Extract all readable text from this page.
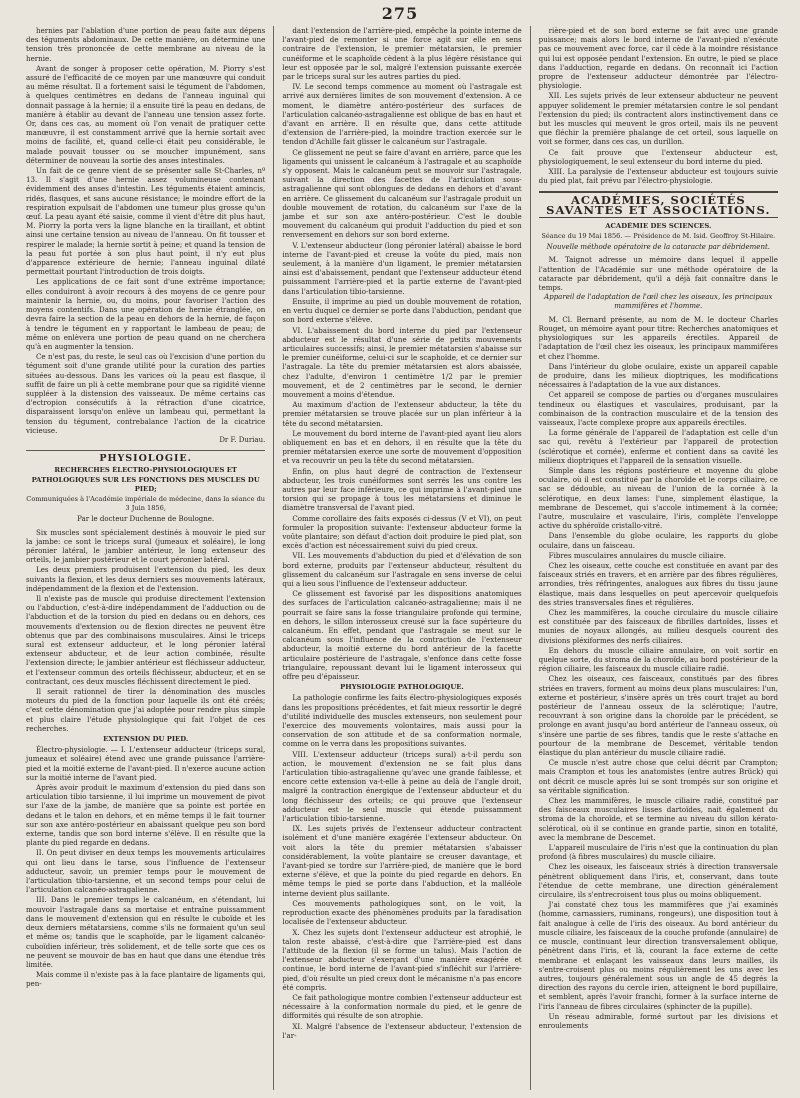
275

hernies par l'ablation d'une portion de peau faite aux dépens des téguments abdominaux. De cette manière, on détermine une tension très prononcée de cette membrane au niveau de la hernie.

Avant de songer à proposer cette opération, M. Piorry s'est assuré de l'efficacité de ce moyen par une manœuvre qui conduit au même résultat. Il a fortement saisi le tégument de l'abdomen, à quelques centimètres en dedans de l'anneau inguinal qui donnait passage à la hernie; il a ensuite tiré la peau en dedans, de manière à établir au devant de l'anneau une tension assez forte. Or, dans ces cas, au moment où l'on venait de pratiquer cette manœuvre, il est constamment arrivé que la hernie sortait avec moins de facilité, et, quand celle-ci était peu considérable, le malade pouvait tousser ou se moucher impunément, sans déterminer de nouveau la sortie des anses intestinales.

Un fait de ce genre vient de se présenter salle St-Charles, nº 13. Il s'agit d'une hernie assez volumineuse contenant évidemment des anses d'intestin. Les téguments étaient amincis, ridés, flasques, et sans aucune résistance; le moindre effort de la respiration expulsait de l'abdomen une tumeur plus grosse qu'un œuf. La peau ayant été saisie, comme il vient d'être dit plus haut, M. Piorry la porta vers la ligne blanche en la tiraillant, et obtint ainsi une certaine tension au niveau de l'anneau. On fit tousser et respirer le malade; la hernie sortit à peine; et quand la tension de la peau fut portée à son plus haut point, il n'y eut plus d'apparence extérieure de hernie; l'anneau inguinal dilaté permettait pourtant l'introduction de trois doigts.

Les applications de ce fait sont d'une extrême importance; elles conduiront à avoir recours à des moyens de ce genre pour maintenir la hernie, ou, du moins, pour favoriser l'action des moyens contentifs. Dans une opération de hernie étranglée, on devra faire la section de la peau en dehors de la hernie, de façon à tendre le tégument en y rapportant le lambeau de peau; de même on enlèvera une portion de peau quand on ne cherchera qu'à en augmenter la tension.

Ce n'est pas, du reste, le seul cas où l'excision d'une portion du tégument soit d'une grande utilité pour la curation des parties situées au-dessous. Dans les varices où la peau est flasque, il suffit de faire un pli à cette membrane pour que sa rigidité vienne suppléer à la distension des vaisseaux. De même certains cas d'ectropion consécutifs à la rétraction d'une cicatrice, disparaissent lorsqu'on enlève un lambeau qui, permettant la tension du tégument, contrebalance l'action de la cicatrice vicieuse.

Dr F. Duriau.
PHYSIOLOGIE.
RECHERCHES ÉLECTRO-PHYSIOLOGIQUES ET PATHOLOGIQUES SUR LES FONCTIONS DES MUSCLES DU PIED;
Communiquées à l'Académie impériale de médecine, dans la séance du 3 Juin 1856,
Par le docteur Duchenne de Boulogne.

Six muscles sont spécialement destinés à mouvoir le pied sur la jambe: ce sont le triceps sural (jumeaux et soléaire), le long péronier latéral, le jambier antérieur, le long extenseur des orteils, le jambier postérieur et le court péronier latéral.

Les deux premiers produisent l'extension du pied, les deux suivants la flexion, et les deux derniers ses mouvements latéraux, indépendamment de la flexion et de l'extension.

Il n'existe pas de muscle qui produise directement l'extension ou l'abduction, c'est-à-dire indépendamment de l'adduction ou de l'abduction et de la torsion du pied en dedans ou en dehors, ces mouvements d'extension ou de flexion directes ne peuvent être obtenus que par des combinaisons musculaires. Ainsi le triceps sural est extenseur adducteur, et le long péronier latéral extenseur abducteur, et de leur action combinée, résulte l'extension directe; le jambier antérieur est fléchisseur adducteur, et l'extenseur commun des orteils fléchisseur, abducteur, et en se contractant, ces deux muscles fléchissent directement le pied.

Il serait rationnel de tirer la dénomination des muscles moteurs du pied de la fonction pour laquelle ils ont été créés; c'est cette dénomination que j'ai adoptée pour rendre plus simple et plus claire l'étude physiologique qui fait l'objet de ces recherches.

EXTENSION DU PIED.

Électro-physiologie. — I. L'extenseur adducteur (triceps sural, jumeaux et soléaire) étend avec une grande puissance l'arrière-pied et la moitié externe de l'avant-pied. Il n'exerce aucune action sur la moitié interne de l'avant pied.

Après avoir produit le maximum d'extension du pied dans son articulation tibio tarsienne, il lui imprime un mouvement de pivot sur l'axe de la jambe, de manière que sa pointe est portée en dedans et le talon en dehors, et en même temps il le fait tourner sur son axe antéro-postérieur en abaissant quelque peu son bord externe, tandis que son bord interne s'élève. Il en résulte que la plante du pied regarde en dedans.

II. On peut diviser en deux temps les mouvements articulaires qui ont lieu dans le tarse, sous l'influence de l'extenseur adducteur, savoir, un premier temps pour le mouvement de l'articulation tibio-tarsienne, et un second temps pour celui de l'articulation calcanéo-astragalienne.

III. Dans le premier temps le calcanéum, en s'étendant, lui mouvoir l'astragale dans sa mortaise et entraîne puissamment dans le mouvement d'extension qui en résulte le cuboïde et les deux derniers métatarsiens, comme s'ils ne formaient qu'un seul et même os; tandis que le scaphoïde, par le ligament calcanéo-cuboïdien inférieur, très solidement, et de telle sorte que ces os ne peuvent se mouvoir de bas en haut que dans une étendue très limitée.

Mais comme il n'existe pas à la face plantaire de ligaments qui, pen-

dant l'extension de l'arrière-pied, empêche la pointe interne de l'avant-pied de remonter si une force agit sur elle en sens contraire de l'extension, le premier métatarsien, le premier cunéiforme et le scaphoïde cèdent à la plus légère résistance qui leur est opposée par le sol, malgré l'extension puissante exercée par le triceps sural sur les autres parties du pied.

IV. Le second temps commence au moment où l'astragale est arrivé aux dernières limites de son mouvement d'extension. A ce moment, le diamètre antéro-postérieur des surfaces de l'articulation calcanéo-astragalienne est oblique de bas en haut et d'avant en arrière. Il en résulte que, dans cette attitude d'extension de l'arrière-pied, la moindre traction exercée sur le tendon d'Achille fait glisser le calcanéum sur l'astragale.

Ce glissement ne peut se faire d'avant en arrière, parce que les ligaments qui unissent le calcanéum à l'astragale et au scaphoïde s'y opposent. Mais le calcanéum peut se mouvoir sur l'astragale, suivant la direction des facettes de l'articulation sous-astragalienne qui sont oblongues de dedans en dehors et d'avant en arrière. Ce glissement du calcanéum sur l'astragale produit un double mouvement de rotation, du calcanéum sur l'axe de la jambe et sur son axe antéro-postérieur. C'est le double mouvement du calcanéum qui produit l'adduction du pied et son renversement en dehors sur son bord externe.

V. L'extenseur abducteur (long péronier latéral) abaisse le bord interne de l'avant-pied et creuse la voûte du pied, mais non seulement, à la manière d'un ligament, le premier métatarsien ainsi est d'abaissement, pendant que l'extenseur adducteur étend puissamment l'arrière-pied et la partie externe de l'avant-pied dans l'articulation tibio-tarsienne.

Ensuite, il imprime au pied un double mouvement de rotation, en vertu duquel ce dernier se porte dans l'abduction, pendant que son bord externe s'élève.

VI. L'abaissement du bord interne du pied par l'extenseur abducteur est le résultat d'une série de petits mouvements articulaires successifs; ainsi, le premier métatarsien s'abaisse sur le premier cunéiforme, celui-ci sur le scaphoïde, et ce dernier sur l'astragale. La tête du premier métatarsien est alors abaissée, chez l'adulte, d'environ 1 centimètre 1/2 par le premier mouvement, et de 2 centimètres par le second, le dernier mouvement a moins d'étendue.

Au maximum d'action de l'extenseur abducteur, la tête du premier métatarsien se trouve placée sur un plan inférieur à la tête du second métatarsien.

Le mouvement du bord interne de l'avant-pied ayant lieu alors obliquement en bas et en dehors, il en résulte que la tête du premier métatarsien exerce une sorte de mouvement d'opposition et va recouvrir un peu la tête du second métatarsien.

Enfin, on plus haut degré de contraction de l'extenseur abducteur, les trois cunéiformes sont serrés les uns contre les autres par leur face inférieure, ce qui imprime à l'avant-pied une torsion qui se propage à tous les métatarsiens et diminue le diamètre transversal de l'avant pied.

Comme corollaire des faits exposés ci-dessus (V et VI), on peut formuler la proposition suivante: l'extenseur abducteur forme la voûte plantaire; son défaut d'action doit produire le pied plat, son excès d'action est nécessairement suivi du pied creux.

VII. Les mouvements d'abduction du pied et d'élévation de son bord externe, produits par l'extenseur abducteur, résultent du glissement du calcanéum sur l'astragale en sens inverse de celui qui a lieu sous l'influence de l'extenseur adducteur.

Ce glissement est favorisé par les dispositions anatomiques des surfaces de l'articulation calcanéo-astragalienne; mais il ne pourrait se faire sans la fosse triangulaire profonde qui termine, en dehors, le sillon interosseux creusé sur la face supérieure du calcanéum. En effet, pendant que l'astragale se meut sur le calcanéum sous l'influence de la contraction de l'extenseur abducteur, la moitié externe du bord antérieur de la facette articulaire postérieure de l'astragale, s'enfonce dans cette fosse triangulaire, repoussant devant lui le ligament interosseux qui offre peu d'épaisseur.

PHYSIOLOGIE PATHOLOGIQUE.

La pathologie confirme les faits électro-physiologiques exposés dans les propositions précédentes, et fait mieux ressortir le degré d'utilité individuelle des muscles extenseurs, non seulement pour l'exercice des mouvements volontaires, mais aussi pour la conservation de son attitude et de sa conformation normale, comme on le verra dans les propositions suivantes.

VIII. L'extenseur adducteur (triceps sural) a-t-il perdu son action, le mouvement d'extension ne se fait plus dans l'articulation tibio-astragalienne qu'avec une grande faiblesse, et encore cette extension va-t-elle à peine au delà de l'angle droit, malgré la contraction énergique de l'extenseur abducteur et du long fléchisseur des orteils; ce qui prouve que l'extenseur adducteur est le seul muscle qui étende puissamment l'articulation tibio-tarsienne.

IX. Les sujets privés de l'extenseur adducteur contractent isolément et d'une manière exagérée l'extenseur abducteur. On voit alors la tête du premier métatarsien s'abaisser considérablement, la voûte plantaire se creuser davantage, et l'avant-pied se tordre sur l'arrière-pied, de manière que le bord externe s'élève, et que la pointe du pied regarde en dehors. En même temps le pied se porte dans l'abduction, et la malléole interne devient plus saillante.

Ces mouvements pathologiques sont, on le voit, la reproduction exacte des phénomènes produits par la faradisation localisée de l'extenseur abducteur.

X. Chez les sujets dont l'extenseur adducteur est atrophié, le talon reste abaissé, c'est-à-dire que l'arrière-pied est dans l'attitude de la flexion (il se forme un talus). Mais l'action de l'extenseur abducteur s'exerçant d'une manière exagérée et continue, le bord interne de l'avant-pied s'infléchit sur l'arrière-pied, d'où résulte un pied creux dont le mécanisme n'a pas encore été compris.

Ce fait pathologique montre combien l'extenseur adducteur est nécessaire à la conformation normale du pied, et le genre de difformités qui résulte de son atrophie.

XI. Malgré l'absence de l'extenseur abducteur, l'extension de l'ar-

rière-pied et de son bord externe se fait avec une grande puissance; mais alors le bord interne de l'avant-pied n'exécute pas ce mouvement avec force, car il cède à la moindre résistance qui lui est opposée pendant l'extension. En outre, le pied se place dans l'adduction, regarde en dedans. On reconnaît ici l'action propre de l'extenseur adducteur démontrée par l'électro-physiologie.

XII. Les sujets privés de leur extenseur abducteur ne peuvent appuyer solidement le premier métatarsien contre le sol pendant l'extension du pied; ils contractent alors instinctivement dans ce but les muscles qui meuvent le gros orteil, mais ils ne peuvent que fléchir la première phalange de cet orteil, sous laquelle on voit se former, dans ces cas, un durillon.

Ce fait prouve que l'extenseur abducteur est, physiologiquement, le seul extenseur du bord interne du pied.

XIII. La paralysie de l'extenseur abducteur est toujours suivie du pied plat, fait prévu par l'électro-physiologie.

ACADÉMIES, SOCIÉTÉS SAVANTES ET ASSOCIATIONS.
ACADÉMIE DES SCIENCES.
Séance du 19 Mai 1856. — Présidence de M. Isid. Geoffroy St-Hilaire.
Nouvelle méthode opératoire de la cataracte par débridement.

M. Taignot adresse un mémoire dans lequel il appelle l'attention de l'Académie sur une méthode opératoire de la cataracte par débridement, qu'il a déjà fait connaître dans le temps.

Appareil de l'adaptation de l'œil chez les oiseaux, les principaux mammifères et l'homme.

M. Cl. Bernard présente, au nom de M. le docteur Charles Rouget, un mémoire ayant pour titre: Recherches anatomiques et physiologiques sur les appareils érectiles. Appareil de l'adaptation de l'œil chez les oiseaux, les principaux mammifères et chez l'homme.

Dans l'intérieur du globe oculaire, existe un appareil capable de produire, dans les milieux dioptriques, les modifications nécessaires à l'adaptation de la vue aux distances.

Cet appareil se compose de parties ou d'organes musculaires tendineux ou élastiques et vasculaires, produisant, par la combinaison de la contraction musculaire et de la tension des vaisseaux, l'acte complexe propre aux appareils érectiles.

La forme générale de l'appareil de l'adaptation est celle d'un sac qui, revêtu à l'extérieur par l'appareil de protection (sclérotique et cornée), enferme et contient dans sa cavité les milieux dioptriques et l'appareil de la sensation visuelle.

Simple dans les régions postérieure et moyenne du globe oculaire, où il est constitué par la choroïde et le corps ciliaire, ce sac se dédouble, au niveau de l'union de la cornée à la sclérotique, en deux lames: l'une, simplement élastique, la membrane de Descemet, qui s'accole intimement à la cornée; l'autre, musculaire et vasculaire, l'iris, complète l'enveloppe active du sphéroïde cristallo-vitré.

Dans l'ensemble du globe oculaire, les rapports du globe oculaire, dans un faisceau.

Fibres musculaires annulaires du muscle ciliaire.

Chez les oiseaux, cette couche est constituée en avant par des faisceaux striés en travers, et en arrière par des fibres régulières, arrondies, très réfringentes, analogues aux fibres du tissu jaune élastique, mais dans lesquelles on peut apercevoir quelquefois des stries transversales fines et régulières.

Chez les mammifères, la couche circulaire du muscle ciliaire est constituée par des faisceaux de fibrilles dartoïdes, lisses et munies de noyaux allongés, au milieu desquels courent des divisions pléxiformes des nerfs ciliaires.

En dehors du muscle ciliaire annulaire, on voit sortir en quelque sorte, du stroma de la choroïde, au bord postérieur de la région ciliaire, les faisceaux du muscle ciliaire radié.

Chez les oiseaux, ces faisceaux, constitués par des fibres striées en travers, forment au moins deux plans musculaires: l'un, externe et postérieur, s'insère après un très court trajet au bord postérieur de l'anneau osseux de la sclérotique; l'autre, recouvrant à son origine dans la choroïde par le précédent, se prolonge en avant jusqu'au bord antérieur de l'anneau osseux, où s'insère une partie de ses fibres, tandis que le reste s'attache en pourtour de la membrane de Descemet, véritable tendon élastique du plan antérieur du muscle ciliaire radié.

Ce muscle n'est autre chose que celui décrit par Crampton; mais Crampton et tous les anatomistes (entre autres Brück) qui ont décrit ce muscle après lui se sont trompés sur son origine et sa véritable signification.

Chez les mammifères, le muscle ciliaire radié, constitué par des faisceaux musculaires lisses dartoïdes, nait également du stroma de la choroïde, et se termine au niveau du sillon kérato-sclérotical, où il se continue en grande partie, sinon en totalité, avec la membrane de Descemet.

L'appareil musculaire de l'iris n'est que la continuation du plan profond (à fibres musculaires) du muscle ciliaire.

Chez les oiseaux, les faisceaux striés à direction transversale pénètrent obliquement dans l'iris, et, conservant, dans toute l'étendue de cette membrane, une direction généralement circulaire, ils s'entrecroisent tous plus ou moins obliquement.

J'ai constaté chez tous les mammifères que j'ai examinés (homme, carnassiers, ruminans, rongeurs), une disposition tout à fait analogue à celle de l'iris des oiseaux. Au bord antérieur du muscle ciliaire, les faisceaux de la couche profonde (annulaire) de ce muscle, continuant leur direction transversalement oblique, pénètrent dans l'iris, et là, courant la face externe de cette membrane et enlaçant les vaisseaux dans leurs mailles, ils s'entre-croisent plus ou moins régulièrement les uns avec les autres, toujours généralement sous un angle de 45 degrés la direction des rayons du cercle irien, atteignent le bord pupillaire, et semblent, après l'avoir franchi, former à la surface interne de l'iris l'anneau de fibres circulaires (sphincter de la pupille).

Un réseau admirable, formé surtout par les divisions et enroulements
